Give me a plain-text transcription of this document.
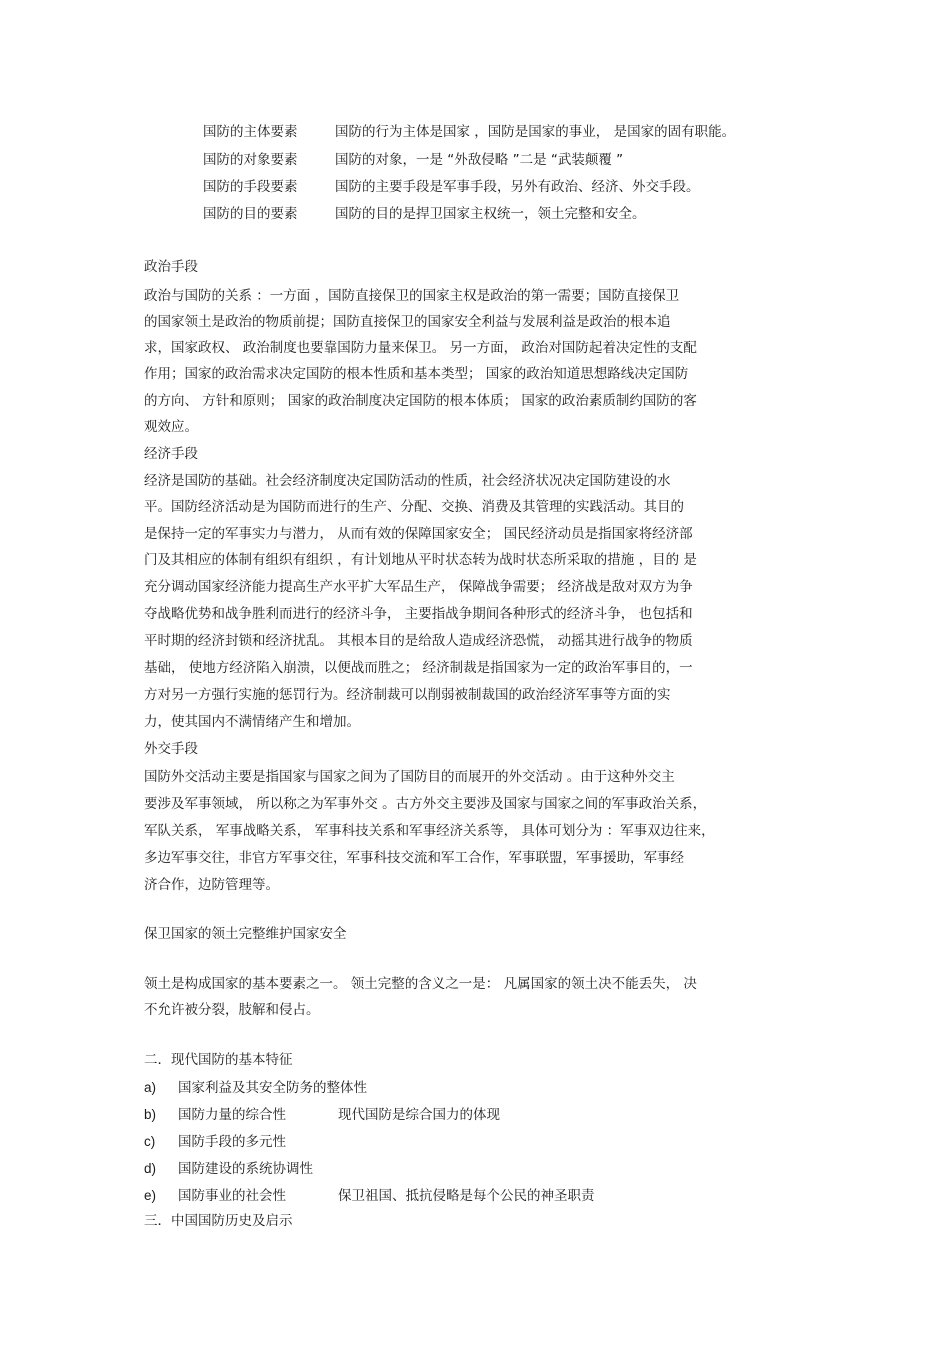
国防的主体要素	国防的行为主体是国家 ，国防是国家的事业， 是国家的固有职能。
国防的对象要素	国防的对象，一是 “外敌侵略 ”二是 “武装颠覆 ”
国防的手段要素	国防的主要手段是军事手段，另外有政治、经济、外交手段。
国防的目的要素	国防的目的是捍卫国家主权统一，领土完整和安全。
政治手段
政治与国防的关系 ：一方面 ，国防直接保卫的国家主权是政治的第一需要；国防直接保卫
的国家领土是政治的物质前提；国防直接保卫的国家安全利益与发展利益是政治的根本追
求，国家政权、 政治制度也要靠国防力量来保卫。 另一方面， 政治对国防起着决定性的支配
作用；国家的政治需求决定国防的根本性质和基本类型； 国家的政治知道思想路线决定国防
的方向、 方针和原则； 国家的政治制度决定国防的根本体质； 国家的政治素质制约国防的客
观效应。
经济手段
经济是国防的基础。社会经济制度决定国防活动的性质，社会经济状况决定国防建设的水
平。国防经济活动是为国防而进行的生产、分配、交换、消费及其管理的实践活动。其目的
是保持一定的军事实力与潜力， 从而有效的保障国家安全； 国民经济动员是指国家将经济部
门及其相应的体制有组织有组织 ，有计划地从平时状态转为战时状态所采取的措施 ，目的 是
充分调动国家经济能力提高生产水平扩大军品生产， 保障战争需要； 经济战是敌对双方为争
夺战略优势和战争胜利而进行的经济斗争， 主要指战争期间各种形式的经济斗争， 也包括和
平时期的经济封锁和经济扰乱。 其根本目的是给敌人造成经济恐慌， 动摇其进行战争的物质
基础， 使地方经济陷入崩溃，以便战而胜之； 经济制裁是指国家为一定的政治军事目的，一
方对另一方强行实施的惩罚行为。经济制裁可以削弱被制裁国的政治经济军事等方面的实
力，使其国内不满情绪产生和增加。
外交手段
国防外交活动主要是指国家与国家之间为了国防目的而展开的外交活动 。由于这种外交主
要涉及军事领域， 所以称之为军事外交 。古方外交主要涉及国家与国家之间的军事政治关系，
军队关系， 军事战略关系， 军事科技关系和军事经济关系等， 具体可划分为 ：军事双边往来，
多边军事交往，非官方军事交往，军事科技交流和军工合作，军事联盟，军事援助，军事经
济合作，边防管理等。
保卫国家的领土完整维护国家安全
领土是构成国家的基本要素之一。 领土完整的含义之一是： 凡属国家的领土决不能丢失， 决
不允许被分裂，肢解和侵占。
二．现代国防的基本特征
a) 国家利益及其安全防务的整体性
b) 国防力量的综合性	现代国防是综合国力的体现
c) 国防手段的多元性
d) 国防建设的系统协调性
e) 国防事业的社会性	保卫祖国、抵抗侵略是每个公民的神圣职责
三．中国国防历史及启示
